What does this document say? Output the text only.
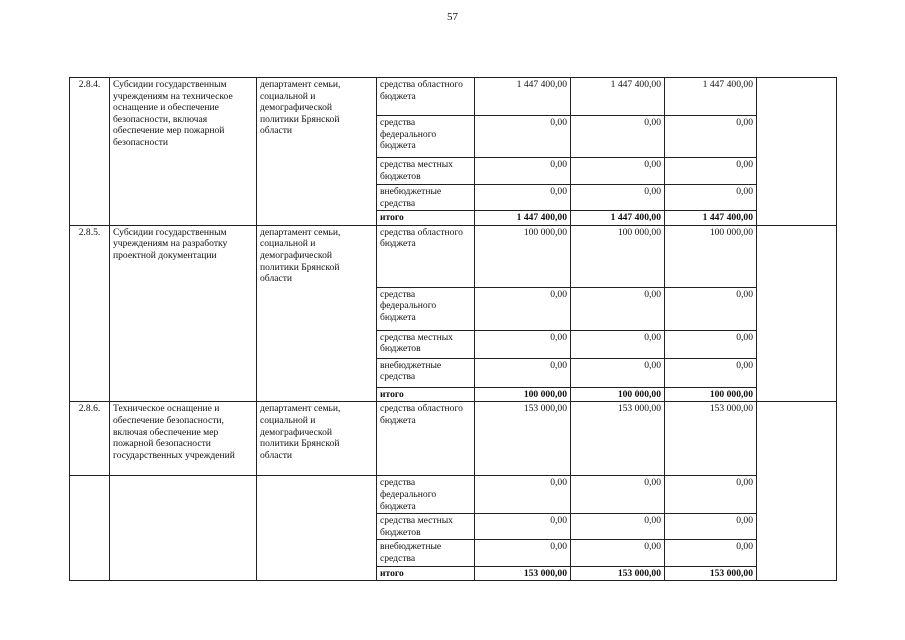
57
2.8.4.	Субсидии государственным учреждениям на техническое оснащение и обеспечение безопасности, включая обеспечение мер пожарной безопасности	департамент семьи, социальной и демографической политики Брянской области	средства областного бюджета	1 447 400,00	1 447 400,00	1 447 400,00	
			средства федерального бюджета	0,00	0,00	0,00	
			средства местных бюджетов	0,00	0,00	0,00	
			внебюджетные средства	0,00	0,00	0,00	
			итого	1 447 400,00	1 447 400,00	1 447 400,00	
2.8.5.	Субсидии государственным учреждениям на разработку проектной документации	департамент семьи, социальной и демографической политики Брянской области	средства областного бюджета	100 000,00	100 000,00	100 000,00	
			средства федерального бюджета	0,00	0,00	0,00	
			средства местных бюджетов	0,00	0,00	0,00	
			внебюджетные средства	0,00	0,00	0,00	
			итого	100 000,00	100 000,00	100 000,00	
2.8.6.	Техническое оснащение и обеспечение безопасности, включая обеспечение мер пожарной безопасности государственных учреждений	департамент семьи, социальной и демографической политики Брянской области	средства областного бюджета	153 000,00	153 000,00	153 000,00	
			средства федерального бюджета	0,00	0,00	0,00	
			средства местных бюджетов	0,00	0,00	0,00	
			внебюджетные средства	0,00	0,00	0,00	
			итого	153 000,00	153 000,00	153 000,00	
